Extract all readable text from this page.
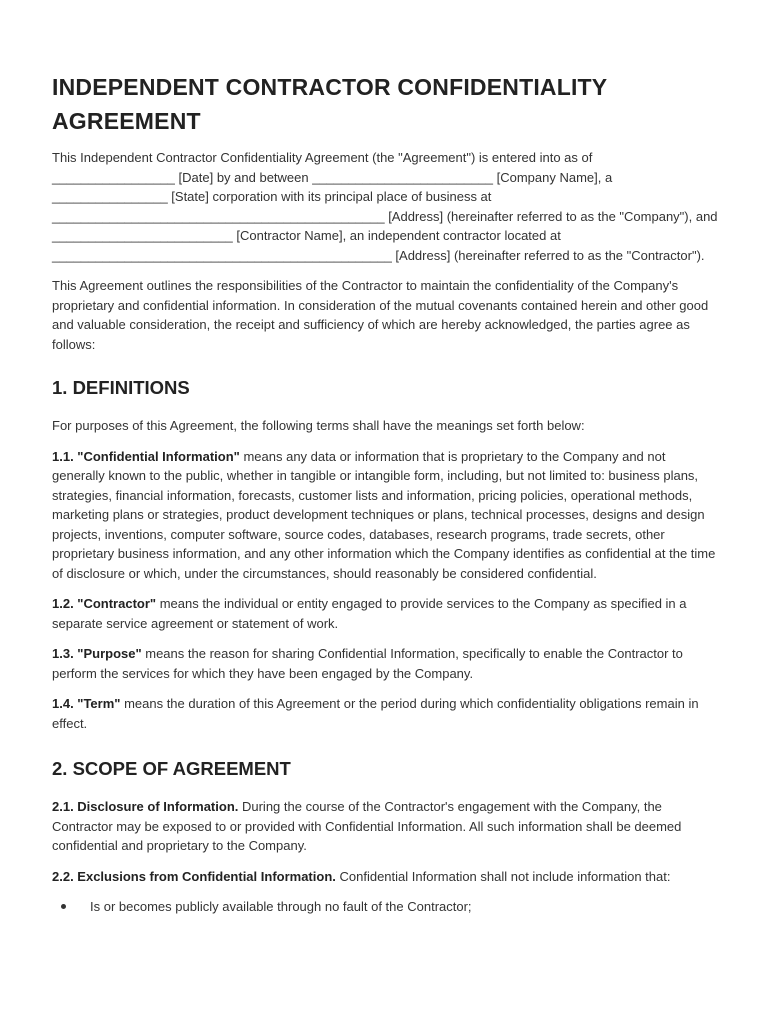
INDEPENDENT CONTRACTOR CONFIDENTIALITY AGREEMENT

This Independent Contractor Confidentiality Agreement (the "Agreement") is entered into as of _________________ [Date] by and between _________________________ [Company Name], a ________________ [State] corporation with its principal place of business at ______________________________________________ [Address] (hereinafter referred to as the "Company"), and _________________________ [Contractor Name], an independent contractor located at _______________________________________________ [Address] (hereinafter referred to as the "Contractor").

This Agreement outlines the responsibilities of the Contractor to maintain the confidentiality of the Company's proprietary and confidential information. In consideration of the mutual covenants contained herein and other good and valuable consideration, the receipt and sufficiency of which are hereby acknowledged, the parties agree as follows:

1. DEFINITIONS

For purposes of this Agreement, the following terms shall have the meanings set forth below:

1.1. "Confidential Information" means any data or information that is proprietary to the Company and not generally known to the public, whether in tangible or intangible form, including, but not limited to: business plans, strategies, financial information, forecasts, customer lists and information, pricing policies, operational methods, marketing plans or strategies, product development techniques or plans, technical processes, designs and design projects, inventions, computer software, source codes, databases, research programs, trade secrets, other proprietary business information, and any other information which the Company identifies as confidential at the time of disclosure or which, under the circumstances, should reasonably be considered confidential.

1.2. "Contractor" means the individual or entity engaged to provide services to the Company as specified in a separate service agreement or statement of work.

1.3. "Purpose" means the reason for sharing Confidential Information, specifically to enable the Contractor to perform the services for which they have been engaged by the Company.

1.4. "Term" means the duration of this Agreement or the period during which confidentiality obligations remain in effect.

2. SCOPE OF AGREEMENT

2.1. Disclosure of Information. During the course of the Contractor's engagement with the Company, the Contractor may be exposed to or provided with Confidential Information. All such information shall be deemed confidential and proprietary to the Company.

2.2. Exclusions from Confidential Information. Confidential Information shall not include information that:

Is or becomes publicly available through no fault of the Contractor;
